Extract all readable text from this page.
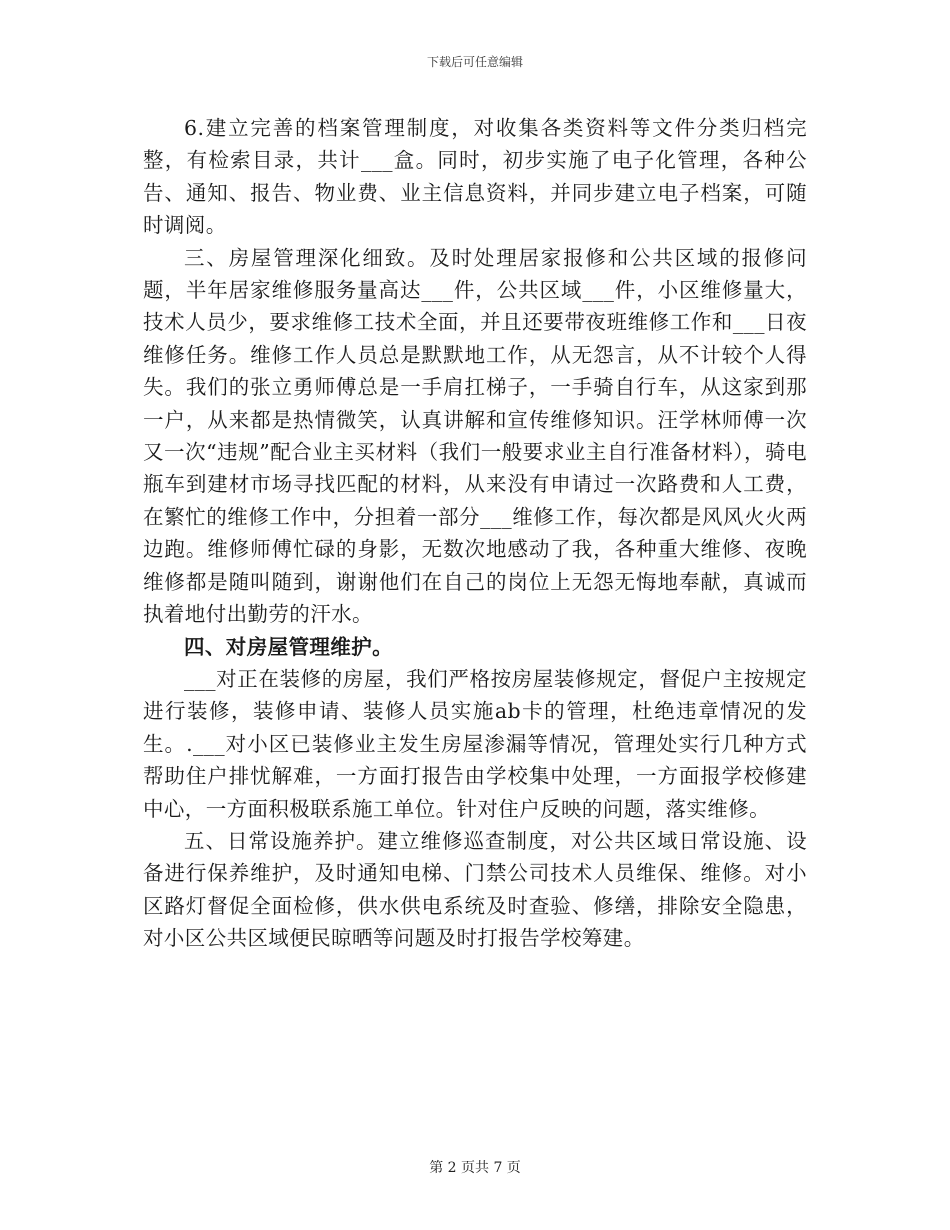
下载后可任意编辑

6.建立完善的档案管理制度，对收集各类资料等文件分类归档完整，有检索目录，共计___盒。同时，初步实施了电子化管理，各种公告、通知、报告、物业费、业主信息资料，并同步建立电子档案，可随时调阅。

三、房屋管理深化细致。及时处理居家报修和公共区域的报修问题，半年居家维修服务量高达___件，公共区域___件，小区维修量大，技术人员少，要求维修工技术全面，并且还要带夜班维修工作和___日夜维修任务。维修工作人员总是默默地工作，从无怨言，从不计较个人得失。我们的张立勇师傅总是一手肩扛梯子，一手骑自行车，从这家到那一户，从来都是热情微笑，认真讲解和宣传维修知识。汪学林师傅一次又一次“违规”配合业主买材料（我们一般要求业主自行准备材料），骑电瓶车到建材市场寻找匹配的材料，从来没有申请过一次路费和人工费，在繁忙的维修工作中，分担着一部分___维修工作，每次都是风风火火两边跑。维修师傅忙碌的身影，无数次地感动了我，各种重大维修、夜晚维修都是随叫随到，谢谢他们在自己的岗位上无怨无悔地奉献，真诚而执着地付出勤劳的汗水。

四、对房屋管理维护。

___对正在装修的房屋，我们严格按房屋装修规定，督促户主按规定进行装修，装修申请、装修人员实施ab卡的管理，杜绝违章情况的发生。.___对小区已装修业主发生房屋渗漏等情况，管理处实行几种方式帮助住户排忧解难，一方面打报告由学校集中处理，一方面报学校修建中心，一方面积极联系施工单位。针对住户反映的问题，落实维修。

五、日常设施养护。建立维修巡查制度，对公共区域日常设施、设备进行保养维护，及时通知电梯、门禁公司技术人员维保、维修。对小区路灯督促全面检修，供水供电系统及时查验、修缮，排除安全隐患，对小区公共区域便民晾晒等问题及时打报告学校筹建。

第 2 页共 7 页
